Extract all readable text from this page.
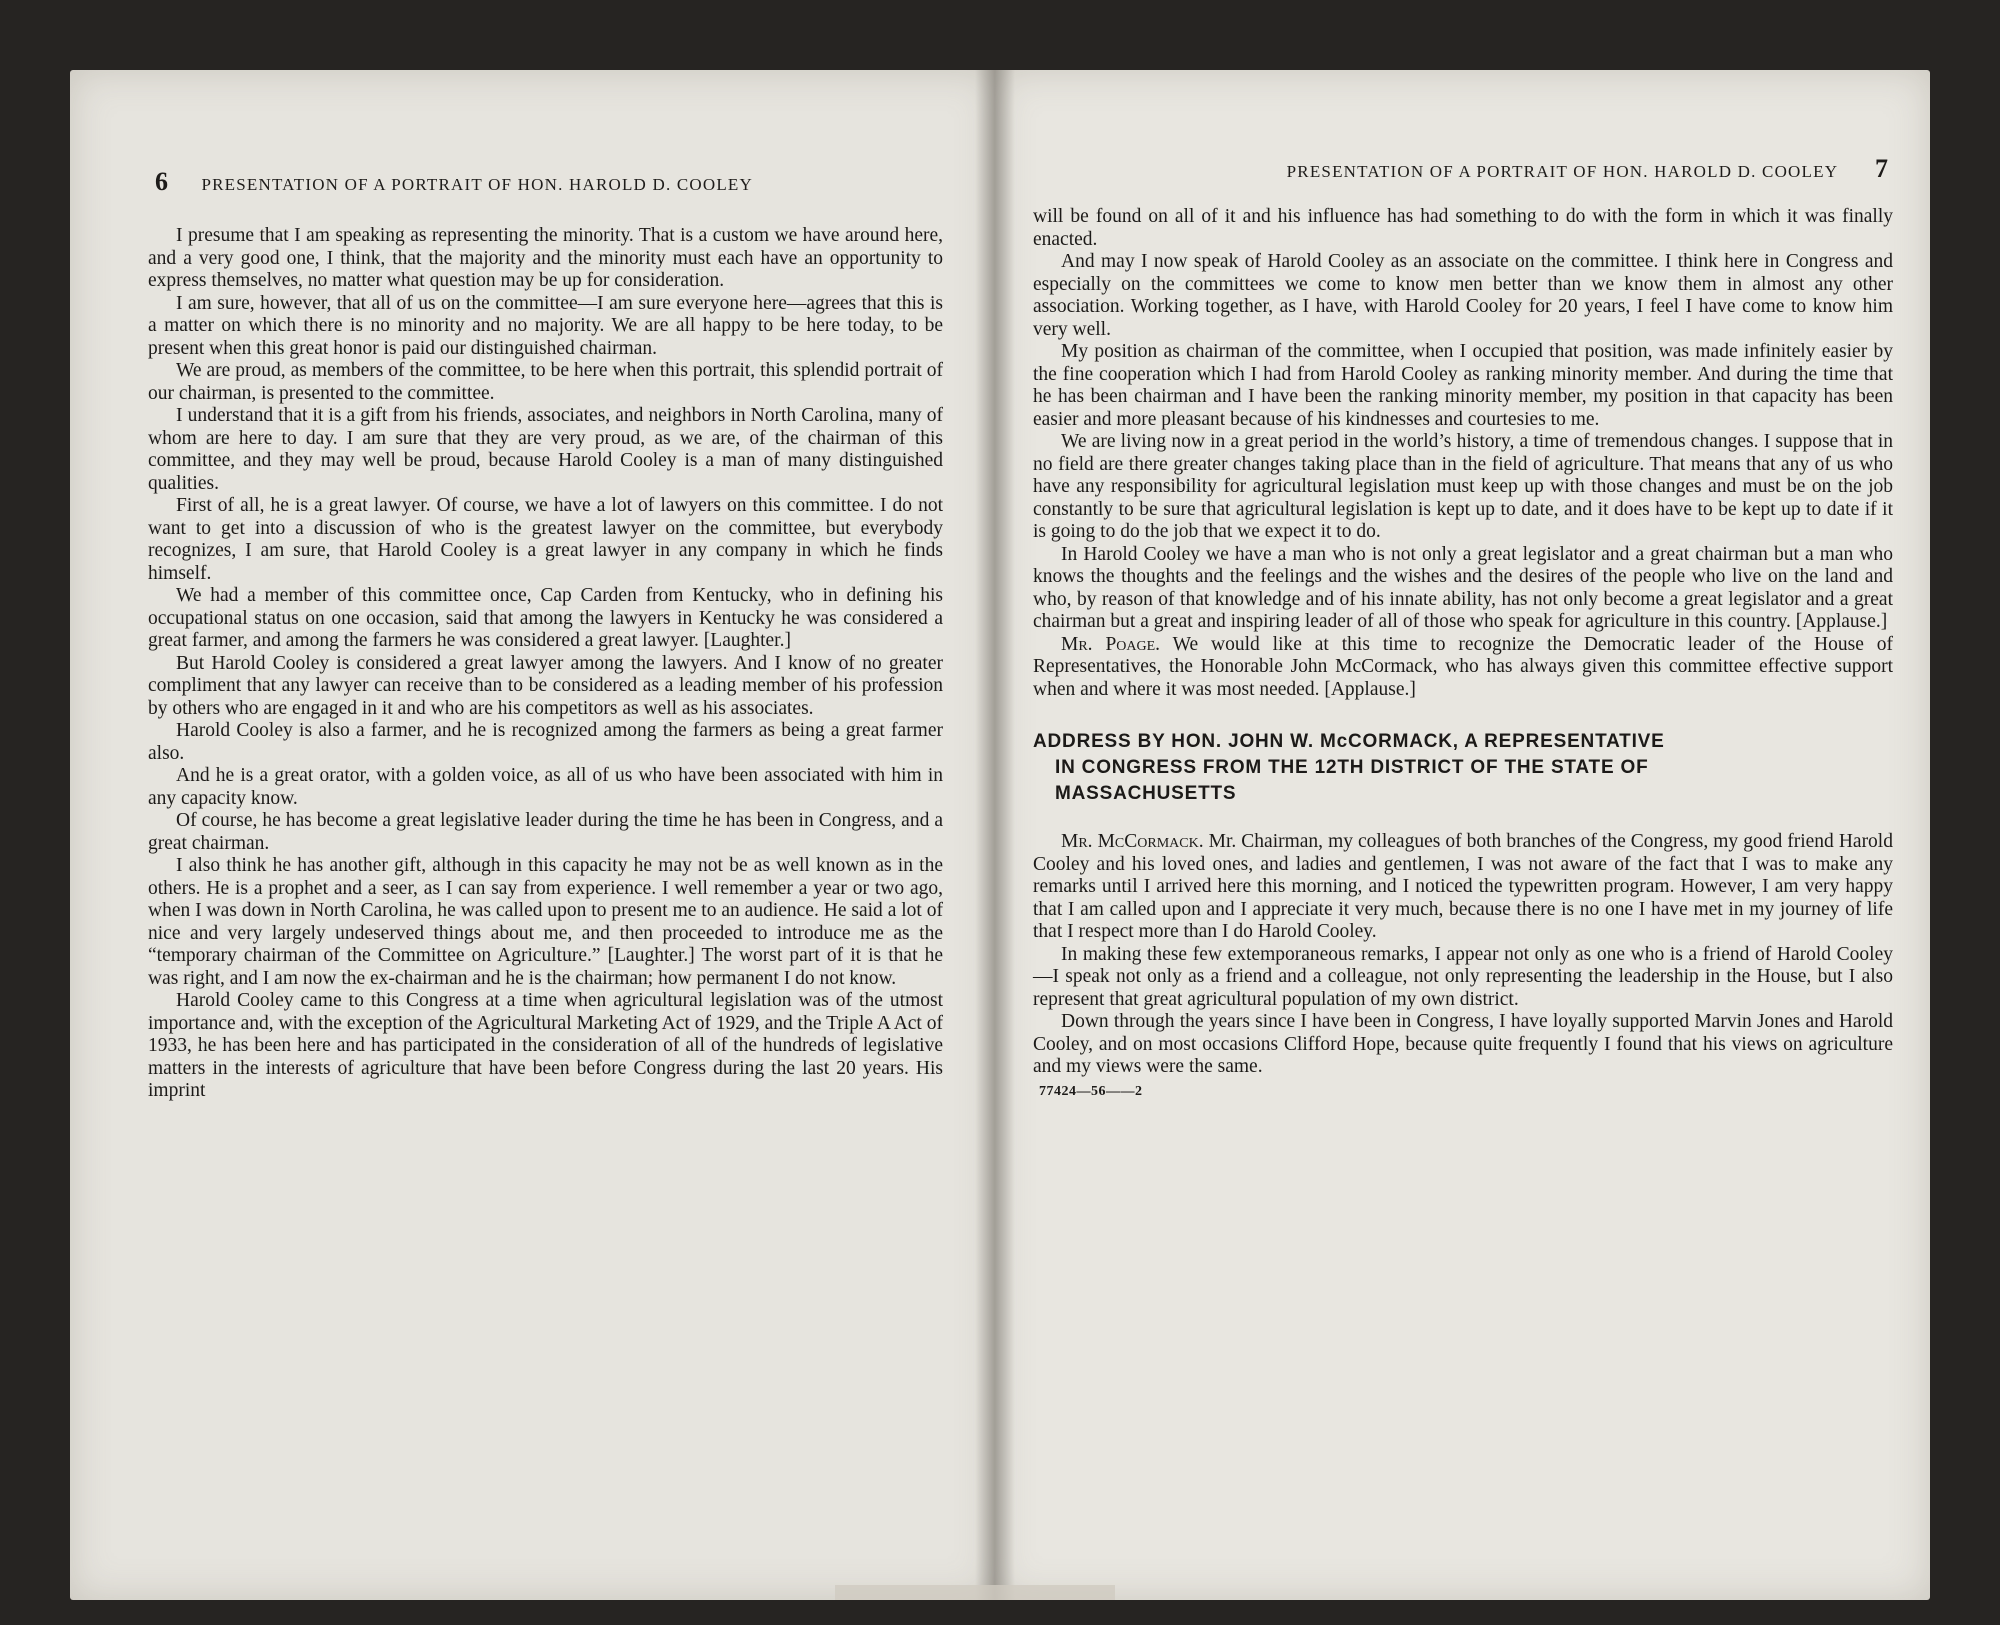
6 PRESENTATION OF A PORTRAIT OF HON. HAROLD D. COOLEY

I presume that I am speaking as representing the minority. That is a custom we have around here, and a very good one, I think, that the majority and the minority must each have an opportunity to express themselves, no matter what question may be up for consideration.

I am sure, however, that all of us on the committee—I am sure everyone here—agrees that this is a matter on which there is no minority and no majority. We are all happy to be here today, to be present when this great honor is paid our distinguished chairman.

We are proud, as members of the committee, to be here when this portrait, this splendid portrait of our chairman, is presented to the committee.

I understand that it is a gift from his friends, associates, and neighbors in North Carolina, many of whom are here to day. I am sure that they are very proud, as we are, of the chairman of this committee, and they may well be proud, because Harold Cooley is a man of many distinguished qualities.

First of all, he is a great lawyer. Of course, we have a lot of lawyers on this committee. I do not want to get into a discussion of who is the greatest lawyer on the committee, but everybody recognizes, I am sure, that Harold Cooley is a great lawyer in any company in which he finds himself.

We had a member of this committee once, Cap Carden from Kentucky, who in defining his occupational status on one occasion, said that among the lawyers in Kentucky he was considered a great farmer, and among the farmers he was considered a great lawyer. [Laughter.]

But Harold Cooley is considered a great lawyer among the lawyers. And I know of no greater compliment that any lawyer can receive than to be considered as a leading member of his profession by others who are engaged in it and who are his competitors as well as his associates.

Harold Cooley is also a farmer, and he is recognized among the farmers as being a great farmer also.

And he is a great orator, with a golden voice, as all of us who have been associated with him in any capacity know.

Of course, he has become a great legislative leader during the time he has been in Congress, and a great chairman.

I also think he has another gift, although in this capacity he may not be as well known as in the others. He is a prophet and a seer, as I can say from experience. I well remember a year or two ago, when I was down in North Carolina, he was called upon to present me to an audience. He said a lot of nice and very largely undeserved things about me, and then proceeded to introduce me as the “temporary chairman of the Committee on Agriculture.” [Laughter.] The worst part of it is that he was right, and I am now the ex-chairman and he is the chairman; how permanent I do not know.

Harold Cooley came to this Congress at a time when agricultural legislation was of the utmost importance and, with the exception of the Agricultural Marketing Act of 1929, and the Triple A Act of 1933, he has been here and has participated in the consideration of all of the hundreds of legislative matters in the interests of agriculture that have been before Congress during the last 20 years. His imprint

PRESENTATION OF A PORTRAIT OF HON. HAROLD D. COOLEY 7

will be found on all of it and his influence has had something to do with the form in which it was finally enacted.

And may I now speak of Harold Cooley as an associate on the committee. I think here in Congress and especially on the committees we come to know men better than we know them in almost any other association. Working together, as I have, with Harold Cooley for 20 years, I feel I have come to know him very well.

My position as chairman of the committee, when I occupied that position, was made infinitely easier by the fine cooperation which I had from Harold Cooley as ranking minority member. And during the time that he has been chairman and I have been the ranking minority member, my position in that capacity has been easier and more pleasant because of his kindnesses and courtesies to me.

We are living now in a great period in the world’s history, a time of tremendous changes. I suppose that in no field are there greater changes taking place than in the field of agriculture. That means that any of us who have any responsibility for agricultural legislation must keep up with those changes and must be on the job constantly to be sure that agricultural legislation is kept up to date, and it does have to be kept up to date if it is going to do the job that we expect it to do.

In Harold Cooley we have a man who is not only a great legislator and a great chairman but a man who knows the thoughts and the feelings and the wishes and the desires of the people who live on the land and who, by reason of that knowledge and of his innate ability, has not only become a great legislator and a great chairman but a great and inspiring leader of all of those who speak for agriculture in this country. [Applause.]

Mr. Poage. We would like at this time to recognize the Democratic leader of the House of Representatives, the Honorable John McCormack, who has always given this committee effective support when and where it was most needed. [Applause.]

ADDRESS BY HON. JOHN W. McCORMACK, A REPRESENTATIVE
IN CONGRESS FROM THE 12TH DISTRICT OF THE STATE OF
MASSACHUSETTS

Mr. McCormack. Mr. Chairman, my colleagues of both branches of the Congress, my good friend Harold Cooley and his loved ones, and ladies and gentlemen, I was not aware of the fact that I was to make any remarks until I arrived here this morning, and I noticed the typewritten program. However, I am very happy that I am called upon and I appreciate it very much, because there is no one I have met in my journey of life that I respect more than I do Harold Cooley.

In making these few extemporaneous remarks, I appear not only as one who is a friend of Harold Cooley—I speak not only as a friend and a colleague, not only representing the leadership in the House, but I also represent that great agricultural population of my own district.

Down through the years since I have been in Congress, I have loyally supported Marvin Jones and Harold Cooley, and on most occasions Clifford Hope, because quite frequently I found that his views on agriculture and my views were the same.

77424—56——2
